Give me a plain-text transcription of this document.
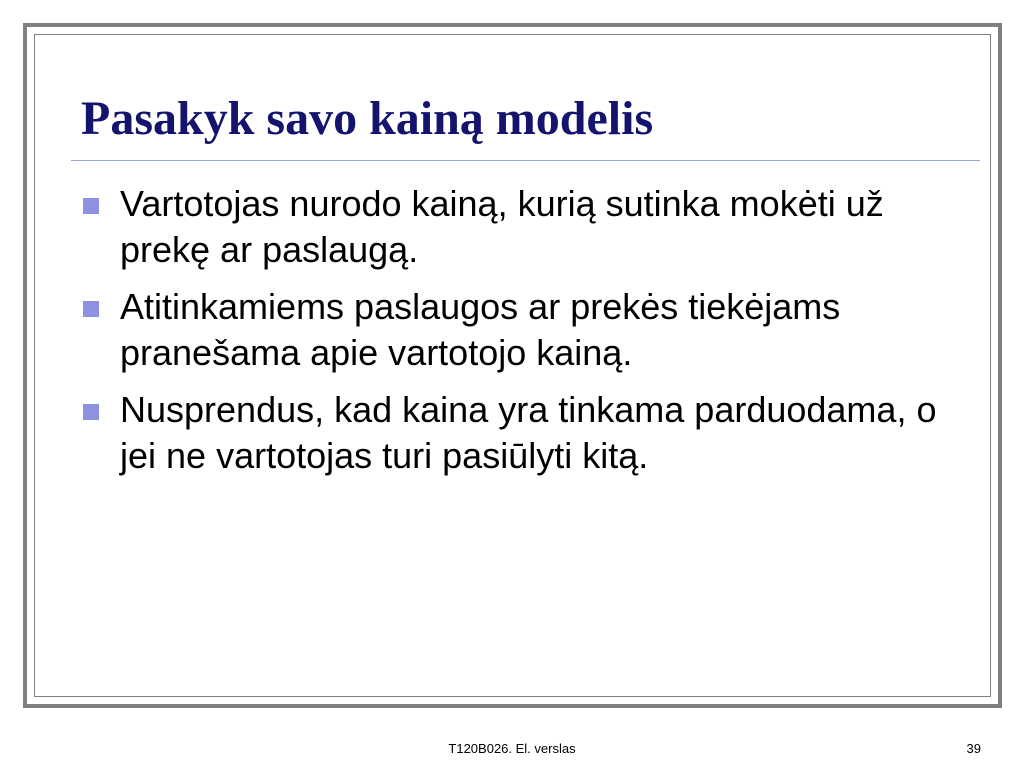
Pasakyk savo kainą modelis
Vartotojas nurodo kainą, kurią sutinka mokėti už prekę ar paslaugą.
Atitinkamiems paslaugos ar prekės tiekėjams pranešama apie vartotojo kainą.
Nusprendus, kad kaina yra tinkama parduodama, o jei ne vartotojas turi pasiūlyti kitą.
T120B026. El. verslas	39
